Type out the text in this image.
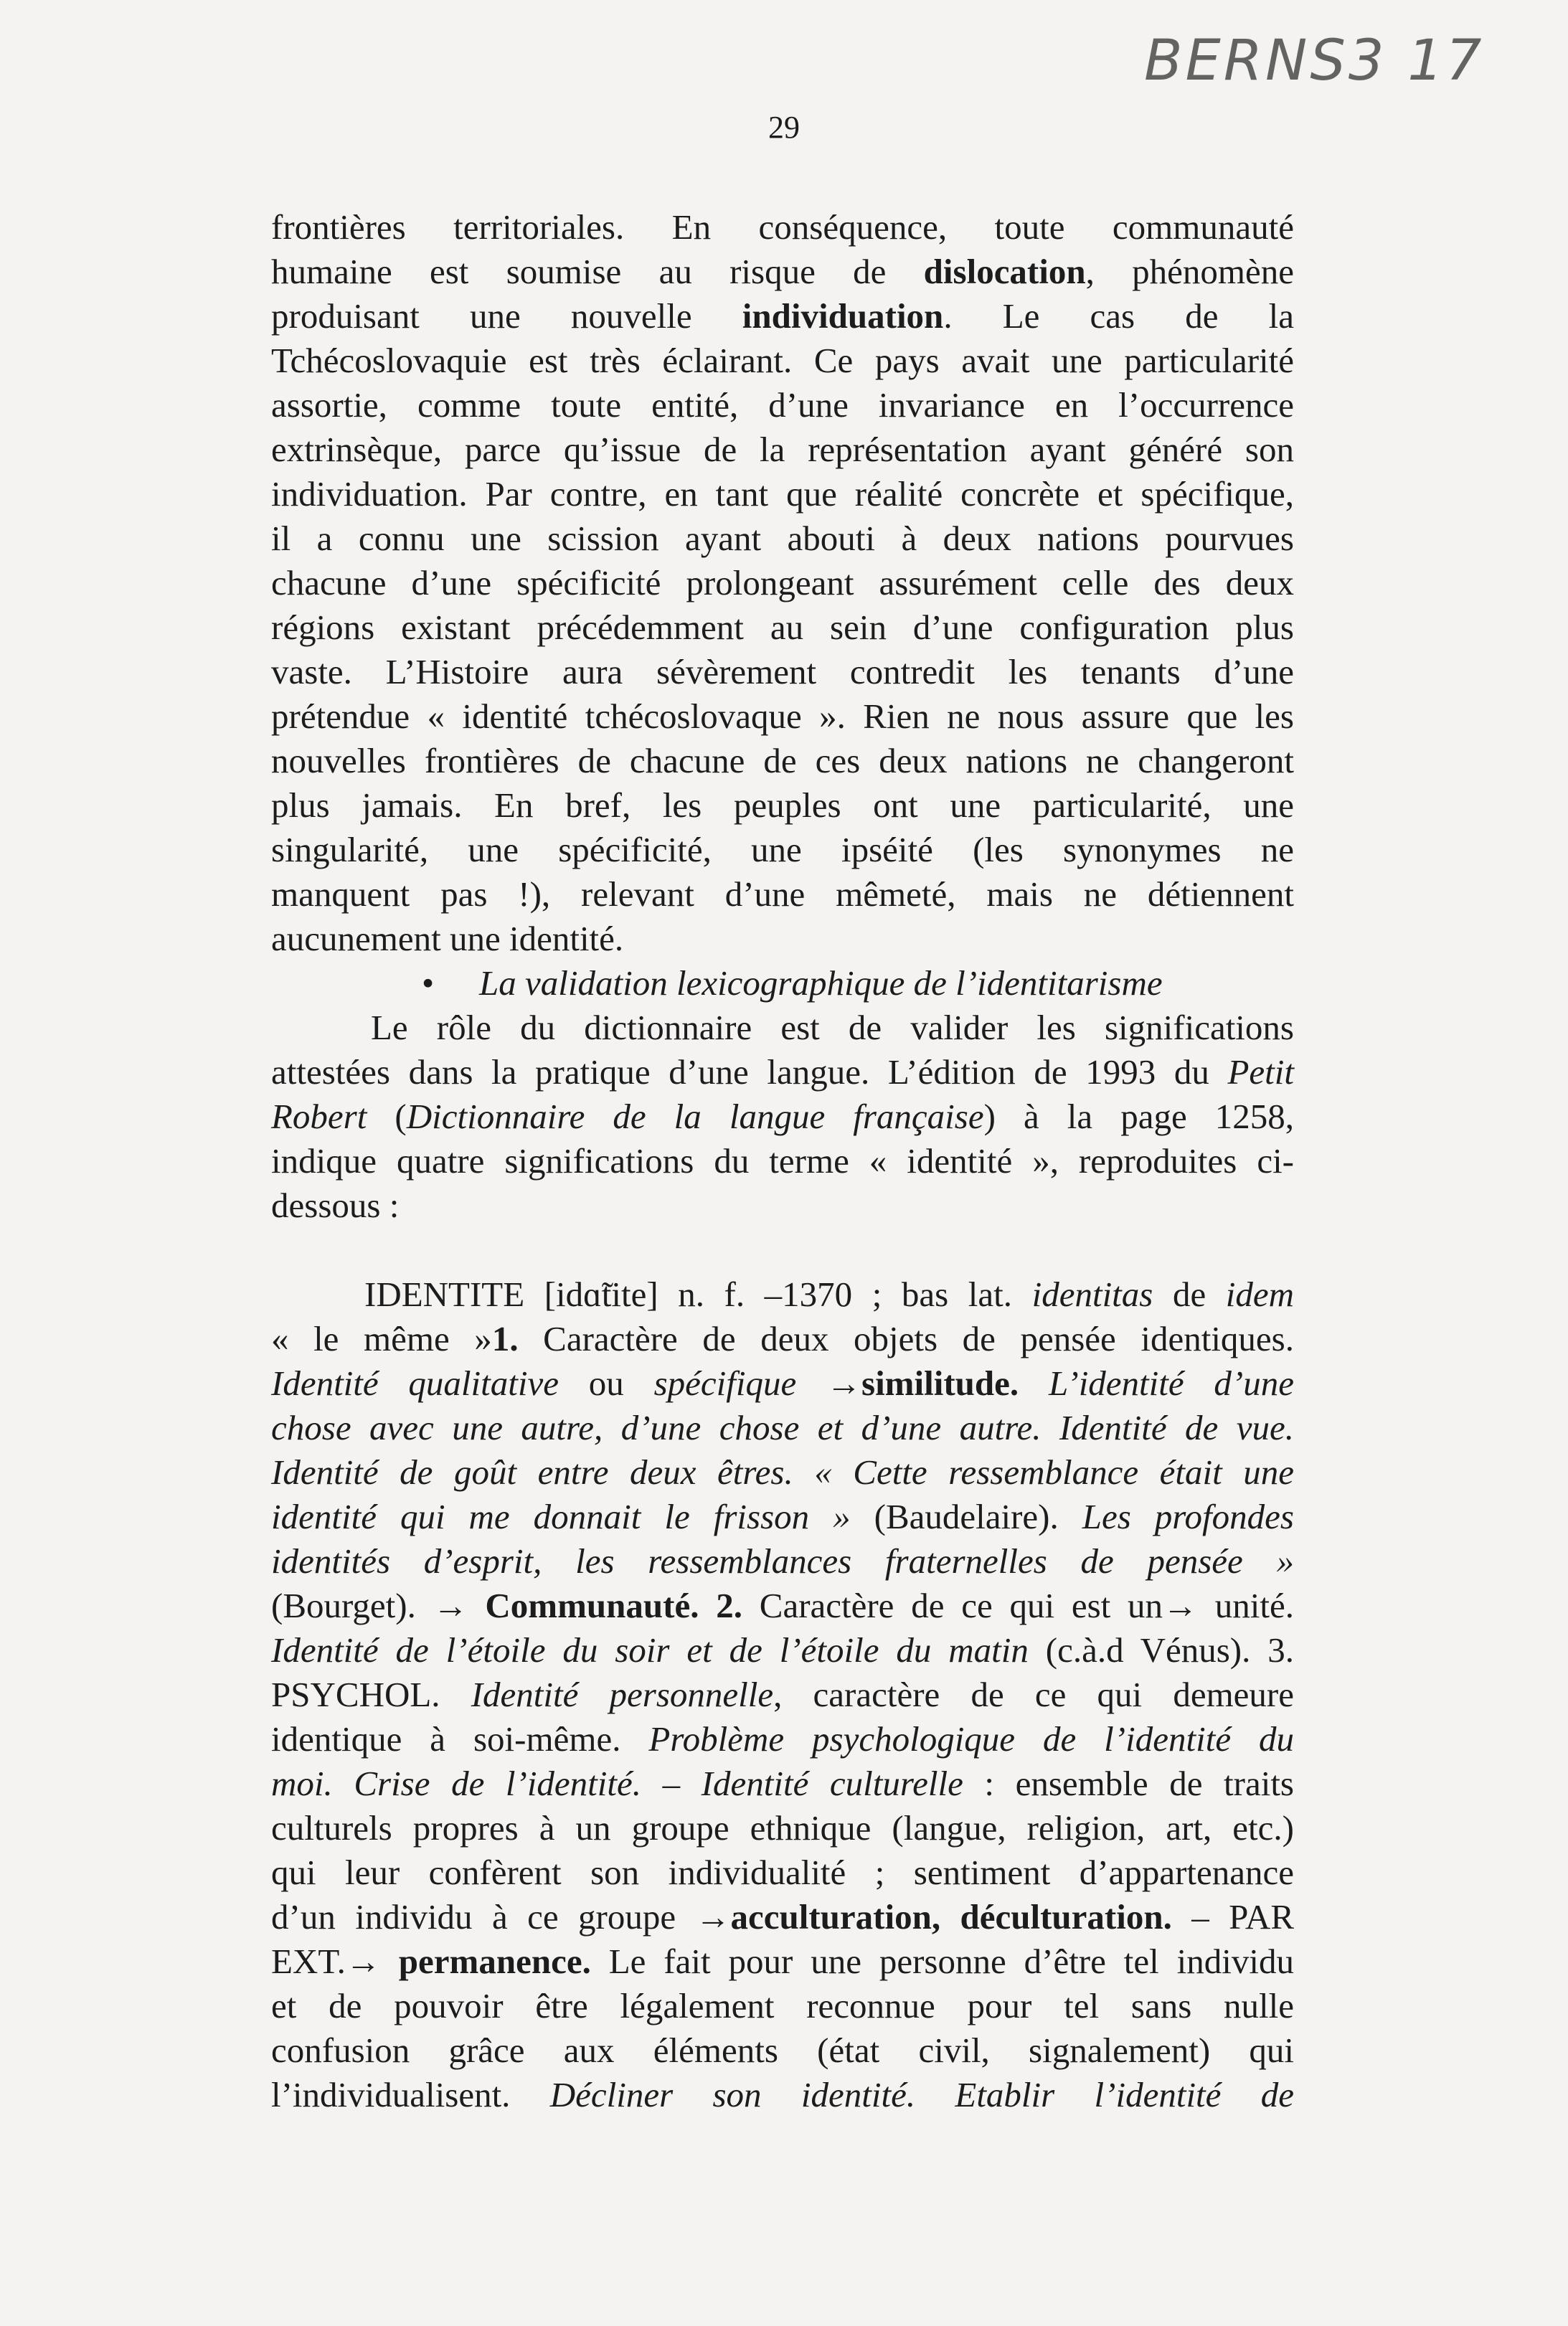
BERNS3 17
29
frontières territoriales. En conséquence, toute communauté
humaine est soumise au risque de dislocation, phénomène
produisant une nouvelle individuation. Le cas de la
Tchécoslovaquie est très éclairant. Ce pays avait une particularité
assortie, comme toute entité, d’une invariance en l’occurrence
extrinsèque, parce qu’issue de la représentation ayant généré son
individuation. Par contre, en tant que réalité concrète et spécifique,
il a connu une scission ayant abouti à deux nations pourvues
chacune d’une spécificité prolongeant assurément celle des deux
régions existant précédemment au sein d’une configuration plus
vaste. L’Histoire aura sévèrement contredit les tenants d’une
prétendue « identité tchécoslovaque ». Rien ne nous assure que les
nouvelles frontières de chacune de ces deux nations ne changeront
plus jamais. En bref, les peuples ont une particularité, une
singularité, une spécificité, une ipséité (les synonymes ne
manquent pas !), relevant d’une mêmeté, mais ne détiennent
aucunement une identité.
• La validation lexicographique de l’identitarisme
Le rôle du dictionnaire est de valider les significations
attestées dans la pratique d’une langue. L’édition de 1993 du Petit
Robert (Dictionnaire de la langue française) à la page 1258,
indique quatre significations du terme « identité », reproduites ci-
dessous :
IDENTITE [idɑ̃tite] n. f. –1370 ; bas lat. identitas de idem
« le même »1. Caractère de deux objets de pensée identiques.
Identité qualitative ou spécifique →similitude. L’identité d’une
chose avec une autre, d’une chose et d’une autre. Identité de vue.
Identité de goût entre deux êtres. « Cette ressemblance était une
identité qui me donnait le frisson » (Baudelaire). Les profondes
identités d’esprit, les ressemblances fraternelles de pensée »
(Bourget). → Communauté. 2. Caractère de ce qui est un→ unité.
Identité de l’étoile du soir et de l’étoile du matin (c.à.d Vénus). 3.
PSYCHOL. Identité personnelle, caractère de ce qui demeure
identique à soi-même. Problème psychologique de l’identité du
moi. Crise de l’identité. – Identité culturelle : ensemble de traits
culturels propres à un groupe ethnique (langue, religion, art, etc.)
qui leur confèrent son individualité ; sentiment d’appartenance
d’un individu à ce groupe →acculturation, déculturation. – PAR
EXT.→ permanence. Le fait pour une personne d’être tel individu
et de pouvoir être légalement reconnue pour tel sans nulle
confusion grâce aux éléments (état civil, signalement) qui
l’individualisent. Décliner son identité. Etablir l’identité de
